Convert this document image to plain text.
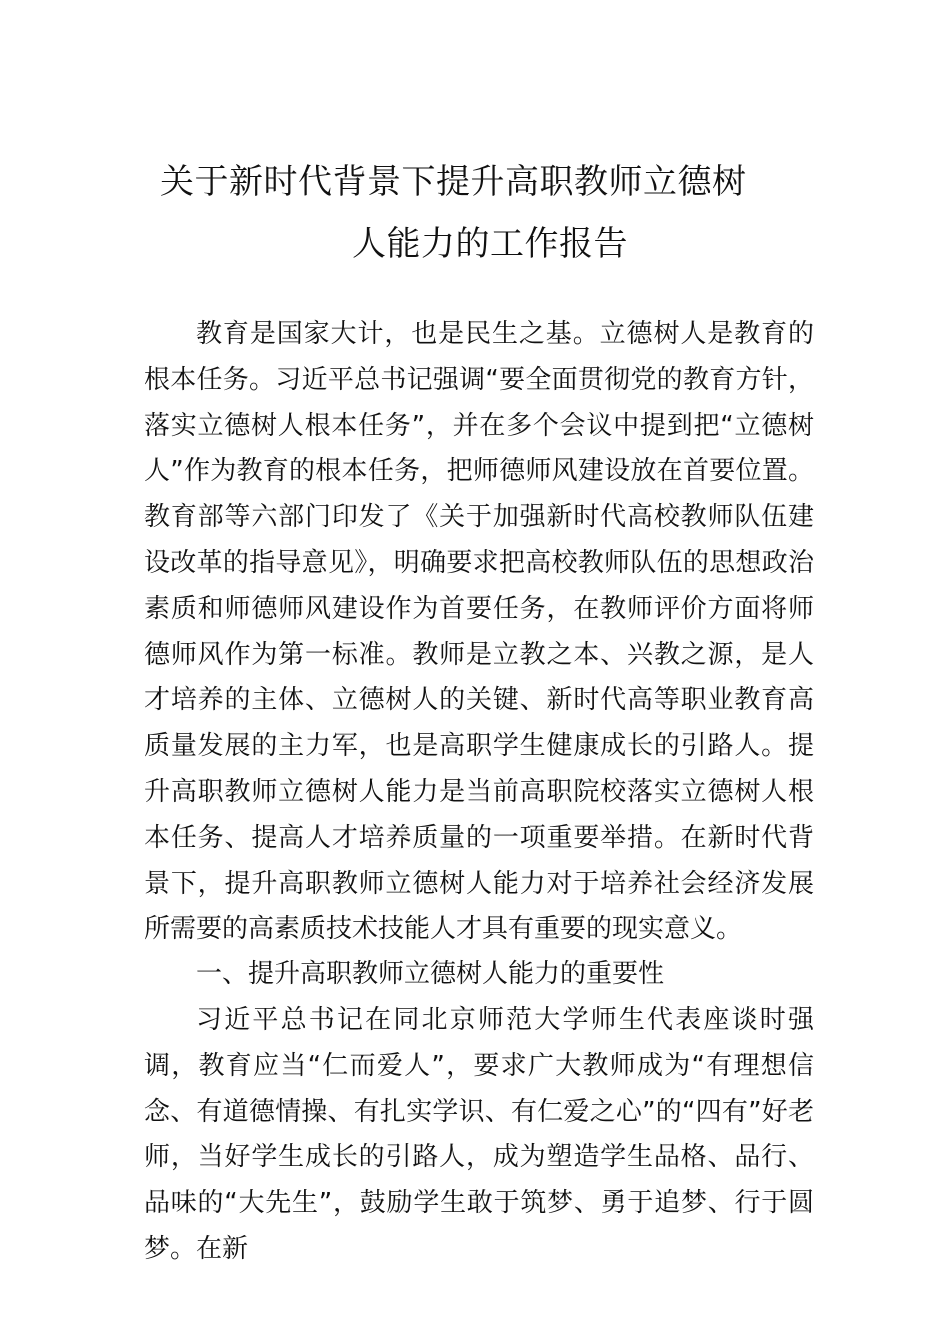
关于新时代背景下提升高职教师立德树
人能力的工作报告

教育是国家大计，也是民生之基。立德树人是教育的根本任务。习近平总书记强调“要全面贯彻党的教育方针，落实立德树人根本任务”，并在多个会议中提到把“立德树人”作为教育的根本任务，把师德师风建设放在首要位置。教育部等六部门印发了《关于加强新时代高校教师队伍建设改革的指导意见》，明确要求把高校教师队伍的思想政治素质和师德师风建设作为首要任务，在教师评价方面将师德师风作为第一标准。教师是立教之本、兴教之源，是人才培养的主体、立德树人的关键、新时代高等职业教育高质量发展的主力军，也是高职学生健康成长的引路人。提升高职教师立德树人能力是当前高职院校落实立德树人根本任务、提高人才培养质量的一项重要举措。在新时代背景下，提升高职教师立德树人能力对于培养社会经济发展所需要的高素质技术技能人才具有重要的现实意义。

一、提升高职教师立德树人能力的重要性

习近平总书记在同北京师范大学师生代表座谈时强调，教育应当“仁而爱人”，要求广大教师成为“有理想信念、有道德情操、有扎实学识、有仁爱之心”的“四有”好老师，当好学生成长的引路人，成为塑造学生品格、品行、品味的“大先生”，鼓励学生敢于筑梦、勇于追梦、行于圆梦。在新
